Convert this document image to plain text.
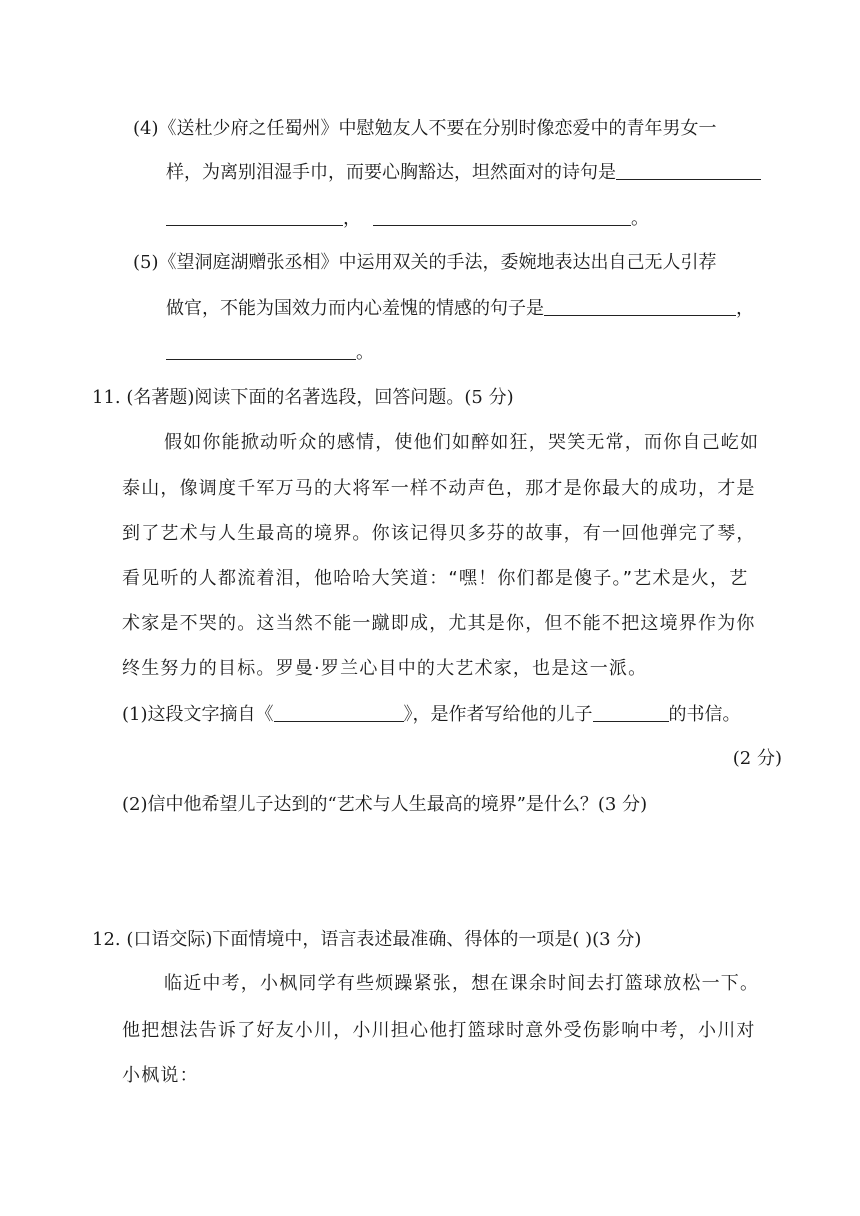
(4)《送杜少府之任蜀州》中慰勉友人不要在分别时像恋爱中的青年男女一
样，为离别泪湿手巾，而要心胸豁达，坦然面对的诗句是
，	。
(5)《望洞庭湖赠张丞相》中运用双关的手法，委婉地表达出自己无人引荐
做官，不能为国效力而内心羞愧的情感的句子是	，
。
11. (名著题)阅读下面的名著选段，回答问题。(5 分)
假如你能掀动听众的感情，使他们如醉如狂，哭笑无常，而你自己屹如
泰山，像调度千军万马的大将军一样不动声色，那才是你最大的成功，才是
到了艺术与人生最高的境界。你该记得贝多芬的故事，有一回他弹完了琴，
看见听的人都流着泪，他哈哈大笑道：“嘿！你们都是傻子。”艺术是火，艺
术家是不哭的。这当然不能一蹴即成，尤其是你，但不能不把这境界作为你
终生努力的目标。罗曼·罗兰心目中的大艺术家，也是这一派。
(1)这段文字摘自《	》，是作者写给他的儿子	的书信。
(2 分)
(2)信中他希望儿子达到的“艺术与人生最高的境界”是什么？(3 分)
12. (口语交际)下面情境中，语言表述最准确、得体的一项是( )(3 分)
临近中考，小枫同学有些烦躁紧张，想在课余时间去打篮球放松一下。
他把想法告诉了好友小川，小川担心他打篮球时意外受伤影响中考，小川对
小枫说：
